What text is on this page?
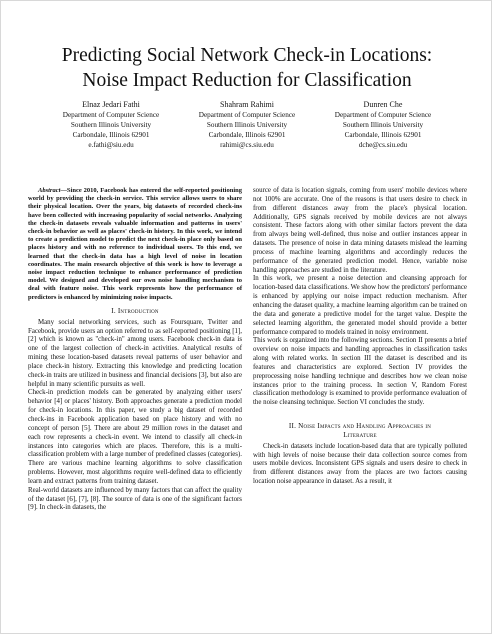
Predicting Social Network Check-in Locations:
Noise Impact Reduction for Classification
Elnaz Jedari Fathi
Department of Computer Science
Southern Illinois University
Carbondale, Illinois 62901
e.fathi@siu.edu
Shahram Rahimi
Department of Computer Science
Southern Illinois University
Carbondale, Illinois 62901
rahimi@cs.siu.edu
Dunren Che
Department of Computer Science
Southern Illinois University
Carbondale, Illinois 62901
dche@cs.siu.edu

Abstract—Since 2010, Facebook has entered the self-reported positioning world by providing the check-in service. This service allows users to share their physical location. Over the years, big datasets of recorded check-ins have been collected with increasing popularity of social networks. Analyzing the check-in datasets reveals valuable information and patterns in users' check-in behavior as well as places' check-in history. In this work, we intend to create a prediction model to predict the next check-in place only based on places history and with no reference to individual users. To this end, we learned that the check-in data has a high level of noise in location coordinates. The main research objective of this work is how to leverage a noise impact reduction technique to enhance performance of prediction model. We designed and developed our own noise handling mechanism to deal with feature noise. This work represents how the performance of predictors is enhanced by minimizing noise impacts.

I. Introduction

Many social networking services, such as Foursquare, Twitter and Facebook, provide users an option referred to as self-reported positioning [1], [2] which is known as "check-in" among users. Facebook check-in data is one of the largest collection of check-in activities. Analytical results of mining these location-based datasets reveal patterns of user behavior and place check-in history. Extracting this knowledge and predicting location check-in traits are utilized in business and financial decisions [3], but also are helpful in many scientific pursuits as well.

Check-in prediction models can be generated by analyzing either users' behavior [4] or places' history. Both approaches generate a prediction model for check-in locations. In this paper, we study a big dataset of recorded check-ins in Facebook application based on place history and with no concept of person [5]. There are about 29 million rows in the dataset and each row represents a check-in event. We intend to classify all check-in instances into categories which are places. Therefore, this is a multi-classification problem with a large number of predefined classes (categories). There are various machine learning algorithms to solve classification problems. However, most algorithms require well-defined data to efficiently learn and extract patterns from training dataset.

Real-world datasets are influenced by many factors that can affect the quality of the dataset [6], [7], [8]. The source of data is one of the significant factors [9]. In check-in datasets, the

source of data is location signals, coming from users' mobile devices where not 100% are accurate. One of the reasons is that users desire to check in from different distances away from the place's physical location. Additionally, GPS signals received by mobile devices are not always consistent. These factors along with other similar factors prevent the data from always being well-defined, thus noise and outlier instances appear in datasets. The presence of noise in data mining datasets mislead the learning process of machine learning algorithms and accordingly reduces the performance of the generated prediction model. Hence, variable noise handling approaches are studied in the literature.

In this work, we present a noise detection and cleansing approach for location-based data classifications. We show how the predictors' performance is enhanced by applying our noise impact reduction mechanism. After enhancing the dataset quality, a machine learning algorithm can be trained on the data and generate a predictive model for the target value. Despite the selected learning algorithm, the generated model should provide a better performance compared to models trained in noisy environment.

This work is organized into the following sections. Section II presents a brief overview on noise impacts and handling approaches in classification tasks along with related works. In section III the dataset is described and its features and characteristics are explored. Section IV provides the preprocessing noise handling technique and describes how we clean noise instances prior to the training process. In section V, Random Forest classification methodology is examined to provide performance evaluation of the noise cleansing technique. Section VI concludes the study.

II. Noise Impacts and Handling Approaches in
Literature

Check-in datasets include location-based data that are typically polluted with high levels of noise because their data collection source comes from users mobile devices. Inconsistent GPS signals and users desire to check in from different distances away from the places are two factors causing location noise appearance in dataset. As a result, it
